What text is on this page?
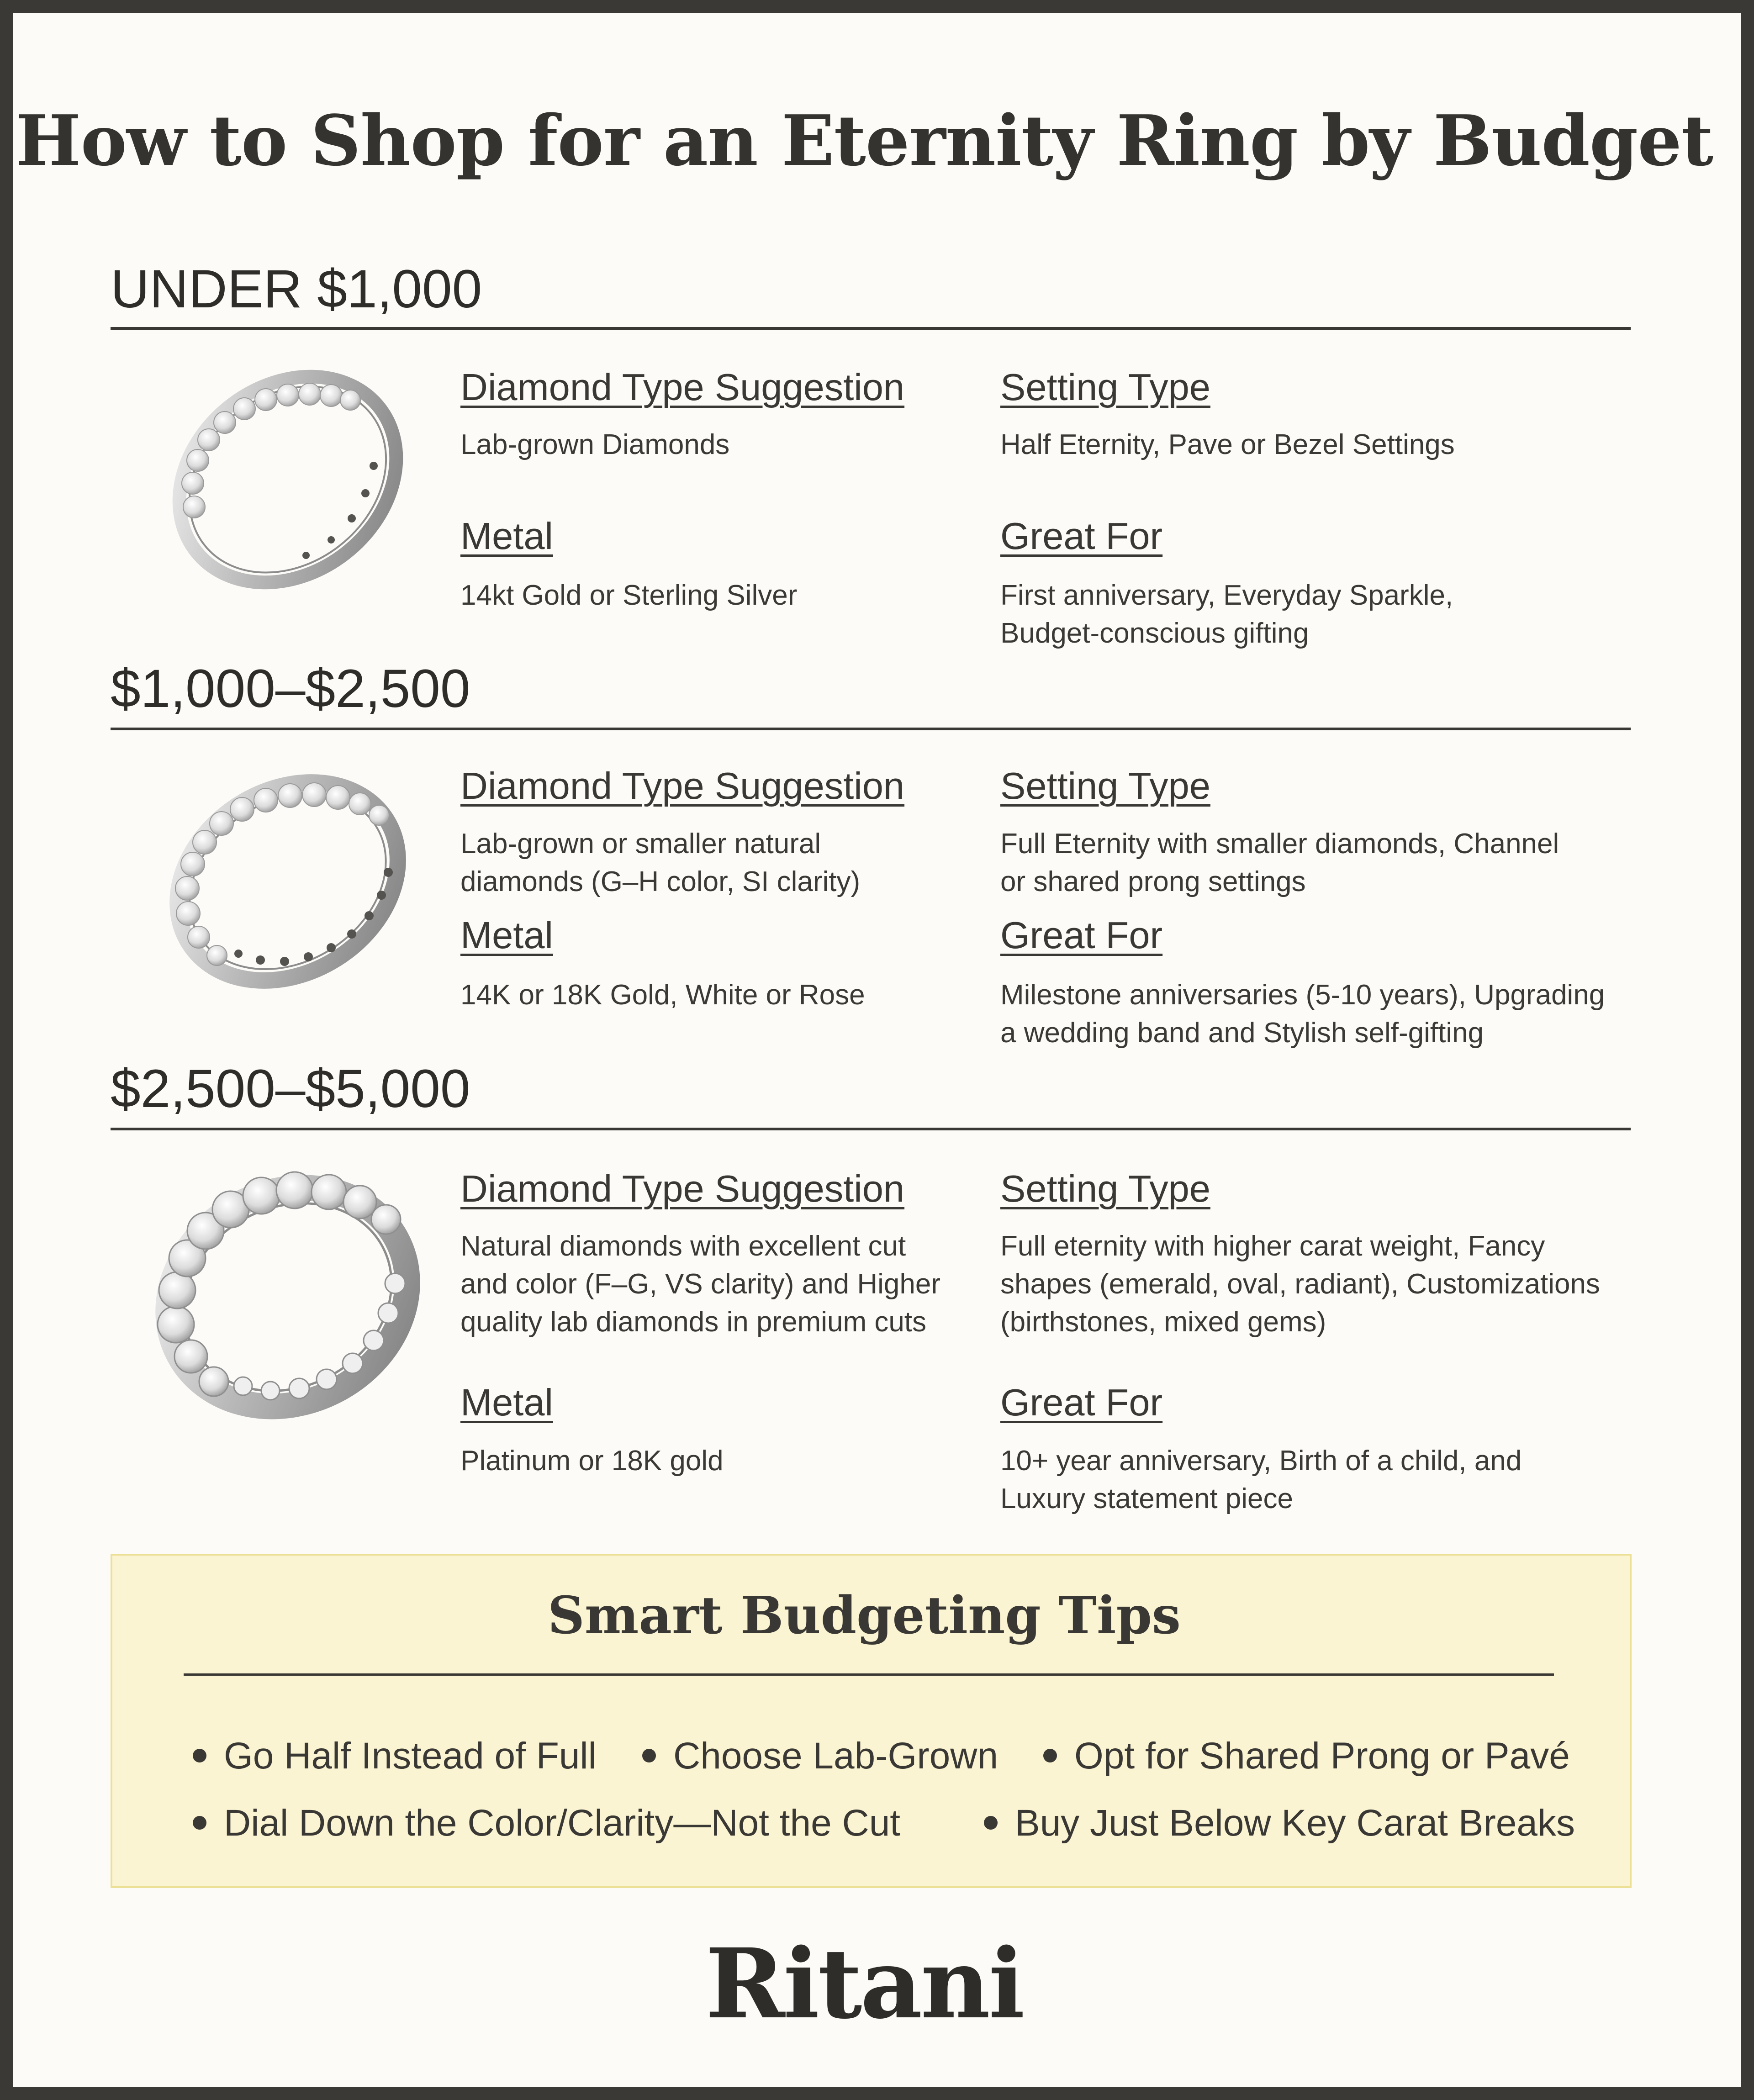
How to Shop for an Eternity Ring by Budget
UNDER $1,000
Diamond Type Suggestion
Lab-grown Diamonds
Setting Type
Half Eternity, Pave or Bezel Settings
Metal
14kt Gold or Sterling Silver
Great For
First anniversary, Everyday Sparkle,
Budget-conscious gifting
$1,000–$2,500
Diamond Type Suggestion
Lab-grown or smaller natural
diamonds (G–H color, SI clarity)
Setting Type
Full Eternity with smaller diamonds, Channel
or shared prong settings
Metal
14K or 18K Gold, White or Rose
Great For
Milestone anniversaries (5-10 years), Upgrading
a wedding band and Stylish self-gifting
$2,500–$5,000
Diamond Type Suggestion
Natural diamonds with excellent cut
and color (F–G, VS clarity) and Higher
quality lab diamonds in premium cuts
Setting Type
Full eternity with higher carat weight, Fancy
shapes (emerald, oval, radiant), Customizations
(birthstones, mixed gems)
Metal
Platinum or 18K gold
Great For
10+ year anniversary, Birth of a child, and
Luxury statement piece
Smart Budgeting Tips
Go Half Instead of Full	Choose Lab-Grown	Opt for Shared Prong or Pavé
Dial Down the Color/Clarity—Not the Cut	Buy Just Below Key Carat Breaks
Ritani
